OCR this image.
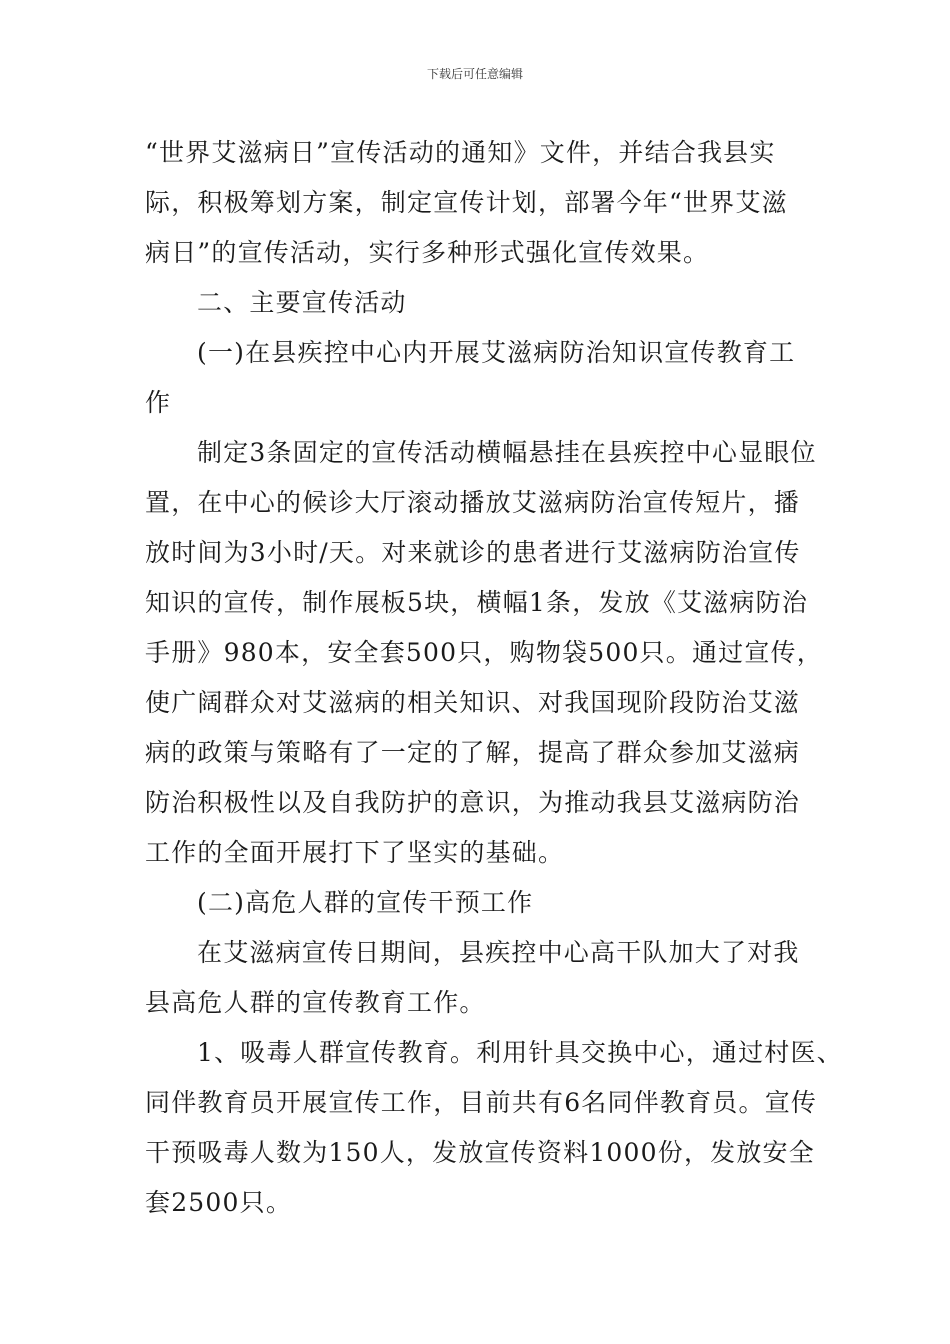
下载后可任意编辑
“世界艾滋病日”宣传活动的通知》文件，并结合我县实
际，积极筹划方案，制定宣传计划，部署今年“世界艾滋
病日”的宣传活动，实行多种形式强化宣传效果。
二、主要宣传活动
(一)在县疾控中心内开展艾滋病防治知识宣传教育工
作
制定3条固定的宣传活动横幅悬挂在县疾控中心显眼位
置，在中心的候诊大厅滚动播放艾滋病防治宣传短片，播
放时间为3小时/天。对来就诊的患者进行艾滋病防治宣传
知识的宣传，制作展板5块，横幅1条，发放《艾滋病防治
手册》980本，安全套500只，购物袋500只。通过宣传，
使广阔群众对艾滋病的相关知识、对我国现阶段防治艾滋
病的政策与策略有了一定的了解，提高了群众参加艾滋病
防治积极性以及自我防护的意识，为推动我县艾滋病防治
工作的全面开展打下了坚实的基础。
(二)高危人群的宣传干预工作
在艾滋病宣传日期间，县疾控中心高干队加大了对我
县高危人群的宣传教育工作。
1、吸毒人群宣传教育。利用针具交换中心，通过村医、
同伴教育员开展宣传工作，目前共有6名同伴教育员。宣传
干预吸毒人数为150人，发放宣传资料1000份，发放安全
套2500只。
